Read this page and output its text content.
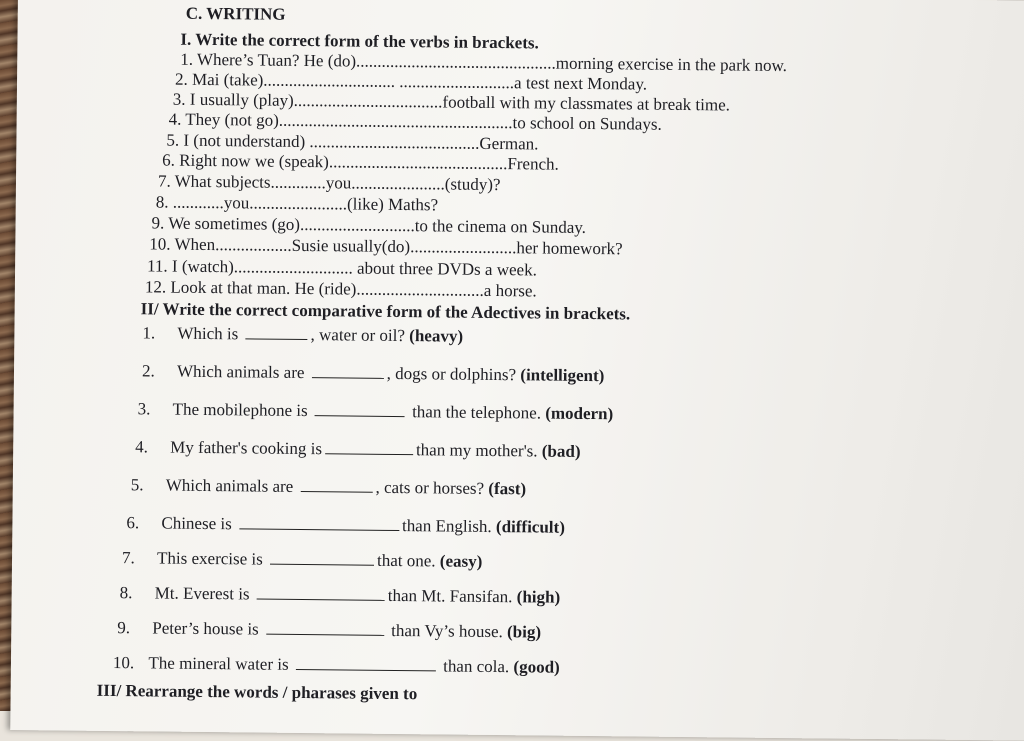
C. WRITING
I. Write the correct form of the verbs in brackets.
1. Where’s Tuan? He (do)...............................................morning exercise in the park now.
2. Mai (take)............................... ...........................a test next Monday.
3. I usually (play)...................................football with my classmates at break time.
4. They (not go).......................................................to school on Sundays.
5. I (not understand) ........................................German.
6. Right now we (speak)..........................................French.
7. What subjects.............you......................(study)?
8. ............you.......................(like) Maths?
9. We sometimes (go)...........................to the cinema on Sunday.
10. When..................Susie usually(do).........................her homework?
11. I (watch)............................ about three DVDs a week.
12. Look at that man. He (ride)..............................a horse.
II/ Write the correct comparative form of the Adectives in brackets.
1. Which is	, water or oil? (heavy)
2. Which animals are	, dogs or dolphins? (intelligent)
3. The mobilephone is	than the telephone. (modern)
4. My father's cooking is	than my mother's. (bad)
5. Which animals are	, cats or horses? (fast)
6. Chinese is	than English. (difficult)
7. This exercise is	that one. (easy)
8. Mt. Everest is	than Mt. Fansifan. (high)
9. Peter’s house is	than Vy’s house. (big)
10. The mineral water is	than cola. (good)
III/ Rearrange the words / pharases given to
